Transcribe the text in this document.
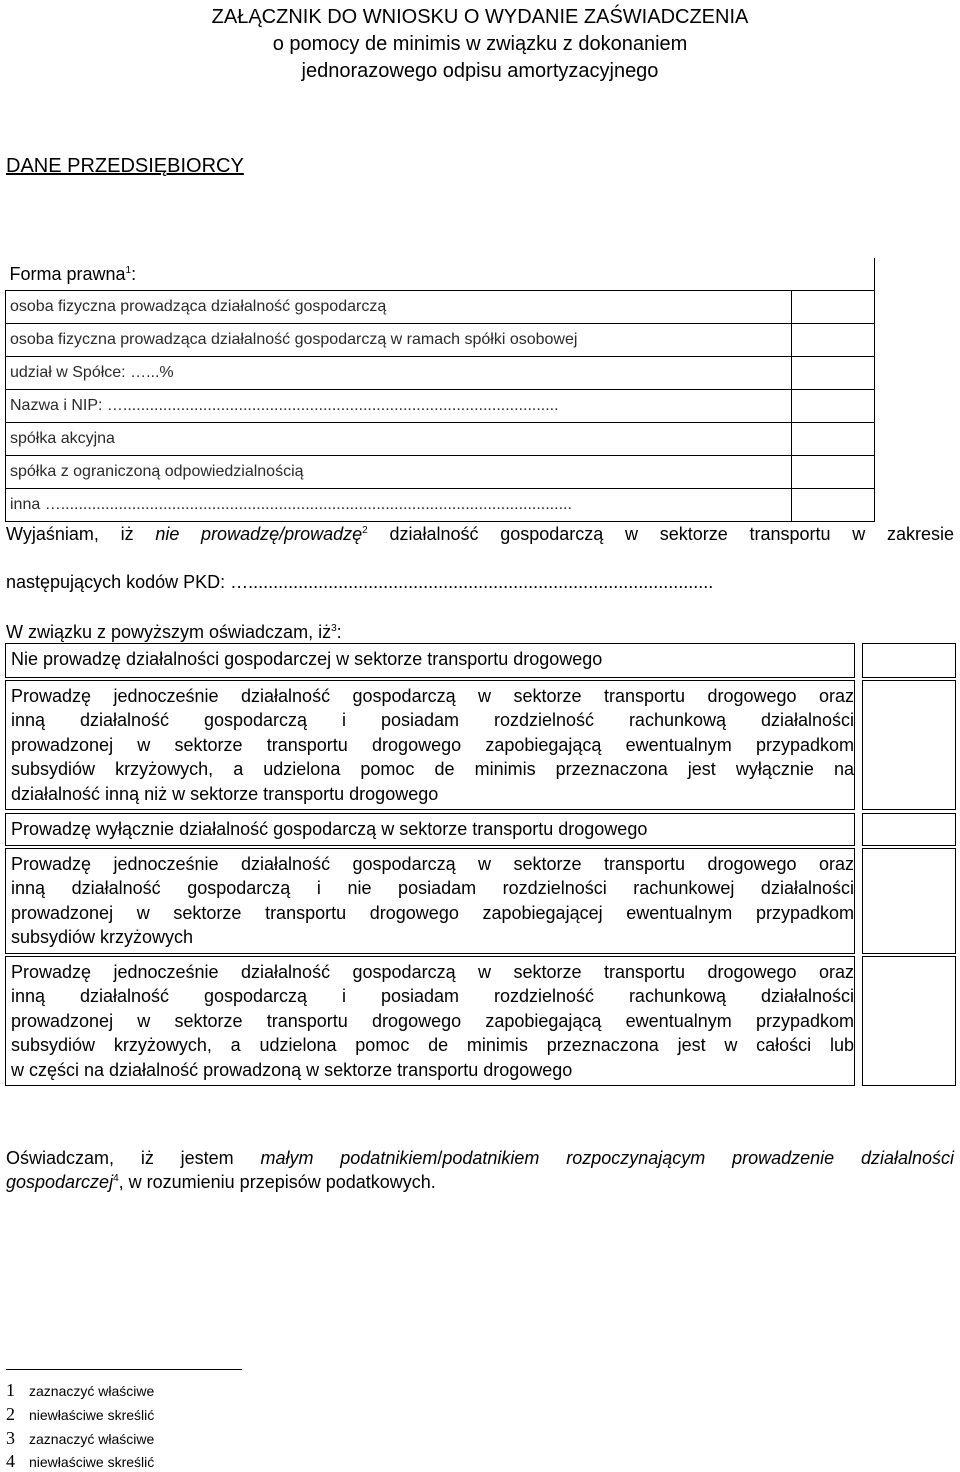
ZAŁĄCZNIK DO WNIOSKU O WYDANIE ZAŚWIADCZENIA
o pomocy de minimis w związku z dokonaniem
jednorazowego odpisu amortyzacyjnego
DANE PRZEDSIĘBIORCY
Forma prawna$^1$:	
osoba fizyczna prowadząca działalność gospodarczą	
osoba fizyczna prowadząca działalność gospodarczą w ramach spółki osobowej	
udział w Spółce: …...%	
Nazwa i NIP: …..................................................................................................	
spółka akcyjna	
spółka z ograniczoną odpowiedzialnością	
inna …...................................................................................................................	
Wyjaśniam, iż nie prowadzę/prowadzę$^2$ działalność gospodarczą w sektorze transportu w zakresie
następujących kodów PKD: ….............................................................................................
W związku z powyższym oświadczam, $iż^3$:
Nie prowadzę działalności gospodarczej w sektorze transportu drogowego
Prowadzę jednocześnie działalność gospodarczą w sektorze transportu drogowego oraz
inną działalność gospodarczą i posiadam rozdzielność rachunkową działalności
prowadzonej w sektorze transportu drogowego zapobiegającą ewentualnym przypadkom
subsydiów krzyżowych, a udzielona pomoc de minimis przeznaczona jest wyłącznie na
działalność inną niż w sektorze transportu drogowego
Prowadzę wyłącznie działalność gospodarczą w sektorze transportu drogowego
Prowadzę jednocześnie działalność gospodarczą w sektorze transportu drogowego oraz
inną działalność gospodarczą i nie posiadam rozdzielności rachunkowej działalności
prowadzonej w sektorze transportu drogowego zapobiegającej ewentualnym przypadkom
subsydiów krzyżowych
Prowadzę jednocześnie działalność gospodarczą w sektorze transportu drogowego oraz
inną działalność gospodarczą i posiadam rozdzielność rachunkową działalności
prowadzonej w sektorze transportu drogowego zapobiegającą ewentualnym przypadkom
subsydiów krzyżowych, a udzielona pomoc de minimis przeznaczona jest w całości lub
w części na działalność prowadzoną w sektorze transportu drogowego
Oświadczam, iż jestem małym podatnikiem/podatnikiem rozpoczynającym prowadzenie działalności
gospodarczej$^4$, w rozumieniu przepisów podatkowych.
1 zaznaczyć właściwe
2 niewłaściwe skreślić
3 zaznaczyć właściwe
4 niewłaściwe skreślić
